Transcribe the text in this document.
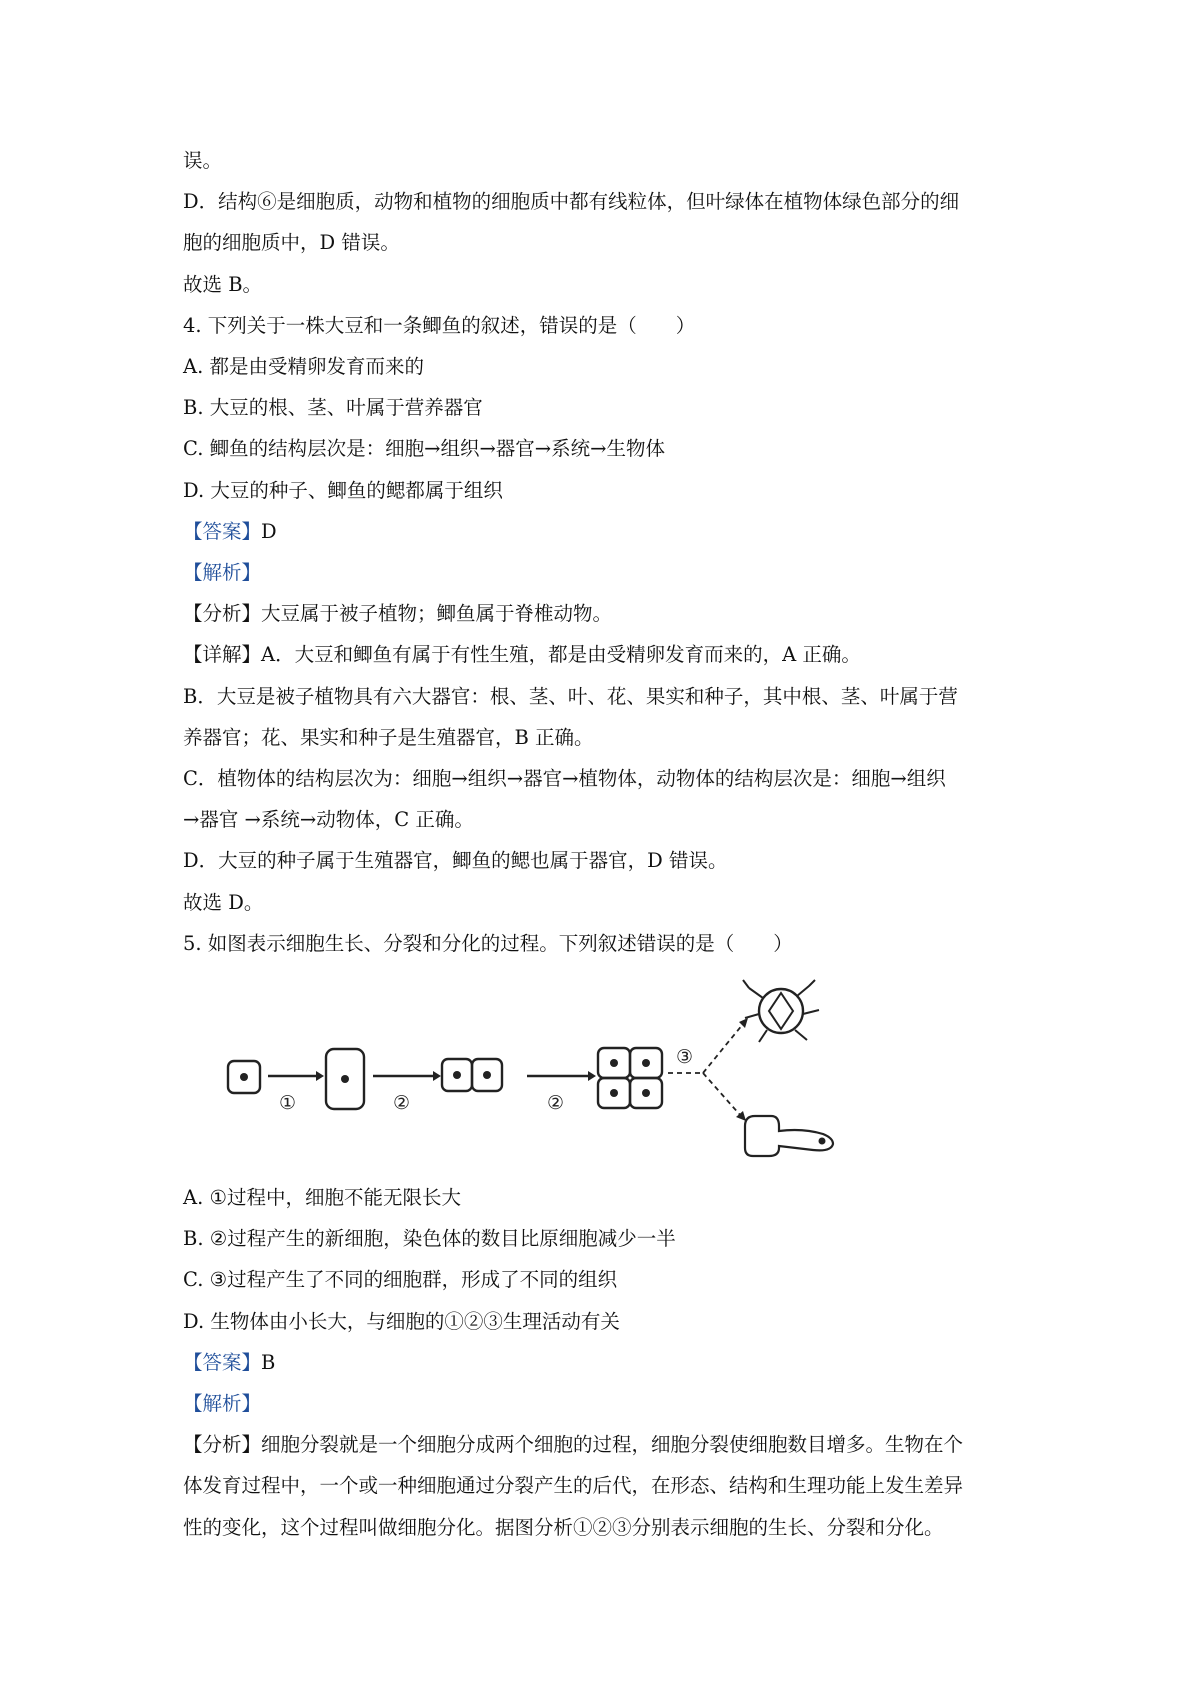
误。

D．结构⑥是细胞质，动物和植物的细胞质中都有线粒体，但叶绿体在植物体绿色部分的细

胞的细胞质中，D 错误。

故选 B。

4. 下列关于一株大豆和一条鲫鱼的叙述，错误的是（　　）

A. 都是由受精卵发育而来的

B. 大豆的根、茎、叶属于营养器官

C. 鲫鱼的结构层次是：细胞→组织→器官→系统→生物体

D. 大豆的种子、鲫鱼的鳃都属于组织

【答案】D

【解析】

【分析】大豆属于被子植物；鲫鱼属于脊椎动物。

【详解】A．大豆和鲫鱼有属于有性生殖，都是由受精卵发育而来的，A 正确。

B．大豆是被子植物具有六大器官：根、茎、叶、花、果实和种子，其中根、茎、叶属于营

养器官；花、果实和种子是生殖器官，B 正确。

C．植物体的结构层次为：细胞→组织→器官→植物体，动物体的结构层次是：细胞→组织

→器官 →系统→动物体，C 正确。

D．大豆的种子属于生殖器官，鲫鱼的鳃也属于器官，D 错误。

故选 D。

5. 如图表示细胞生长、分裂和分化的过程。下列叙述错误的是（　　）

①	②	②
③

A. ①过程中，细胞不能无限长大

B. ②过程产生的新细胞，染色体的数目比原细胞减少一半

C. ③过程产生了不同的细胞群，形成了不同的组织

D. 生物体由小长大，与细胞的①②③生理活动有关

【答案】B

【解析】

【分析】细胞分裂就是一个细胞分成两个细胞的过程，细胞分裂使细胞数目增多。生物在个

体发育过程中，一个或一种细胞通过分裂产生的后代，在形态、结构和生理功能上发生差异

性的变化，这个过程叫做细胞分化。据图分析①②③分别表示细胞的生长、分裂和分化。
